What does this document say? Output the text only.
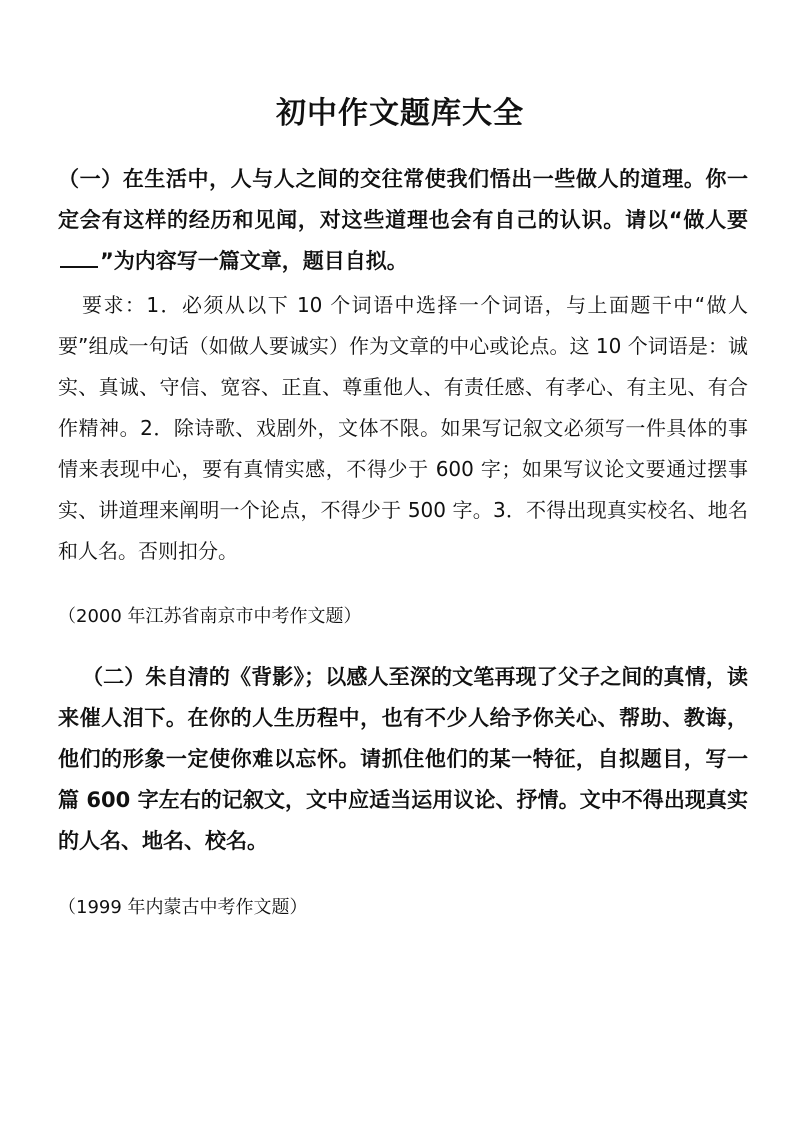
初中作文题库大全

（一）在生活中，人与人之间的交往常使我们悟出一些做人的道理。你一定会有这样的经历和见闻，对这些道理也会有自己的认识。请以“做人要”为内容写一篇文章，题目自拟。

要求：1．必须从以下 10 个词语中选择一个词语，与上面题干中“做人要”组成一句话（如做人要诚实）作为文章的中心或论点。这 10 个词语是：诚实、真诚、守信、宽容、正直、尊重他人、有责任感、有孝心、有主见、有合作精神。2．除诗歌、戏剧外，文体不限。如果写记叙文必须写一件具体的事情来表现中心，要有真情实感，不得少于 600 字；如果写议论文要通过摆事实、讲道理来阐明一个论点，不得少于 500 字。3．不得出现真实校名、地名和人名。否则扣分。

（2000 年江苏省南京市中考作文题）

（二）朱自清的《背影》；以感人至深的文笔再现了父子之间的真情，读来催人泪下。在你的人生历程中，也有不少人给予你关心、帮助、教诲，他们的形象一定使你难以忘怀。请抓住他们的某一特征，自拟题目，写一篇 600 字左右的记叙文，文中应适当运用议论、抒情。文中不得出现真实的人名、地名、校名。

（1999 年内蒙古中考作文题）
